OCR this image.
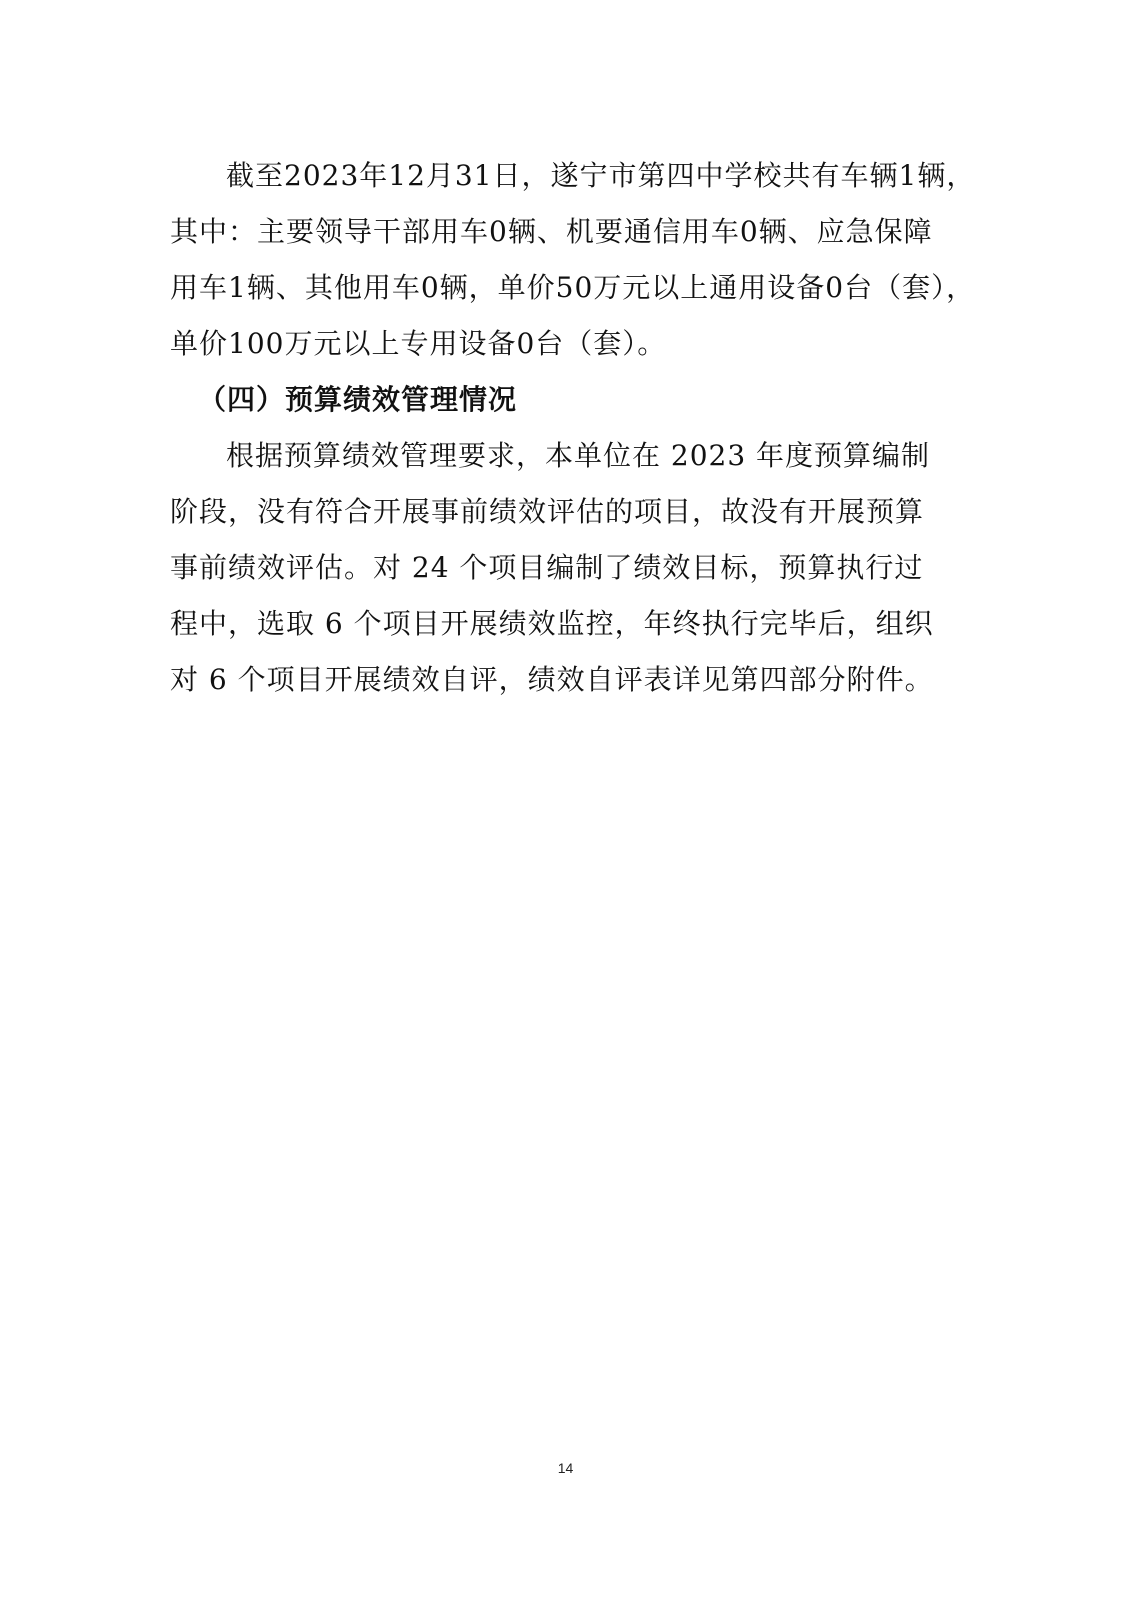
截至2023年12月31日，遂宁市第四中学校共有车辆1辆，
其中：主要领导干部用车0辆、机要通信用车0辆、应急保障
用车1辆、其他用车0辆，单价50万元以上通用设备0台（套），
单价100万元以上专用设备0台（套）。

（四）预算绩效管理情况

根据预算绩效管理要求，本单位在 2023 年度预算编制
阶段，没有符合开展事前绩效评估的项目，故没有开展预算
事前绩效评估。对 24 个项目编制了绩效目标，预算执行过
程中，选取 6 个项目开展绩效监控，年终执行完毕后，组织
对 6 个项目开展绩效自评，绩效自评表详见第四部分附件。

14
